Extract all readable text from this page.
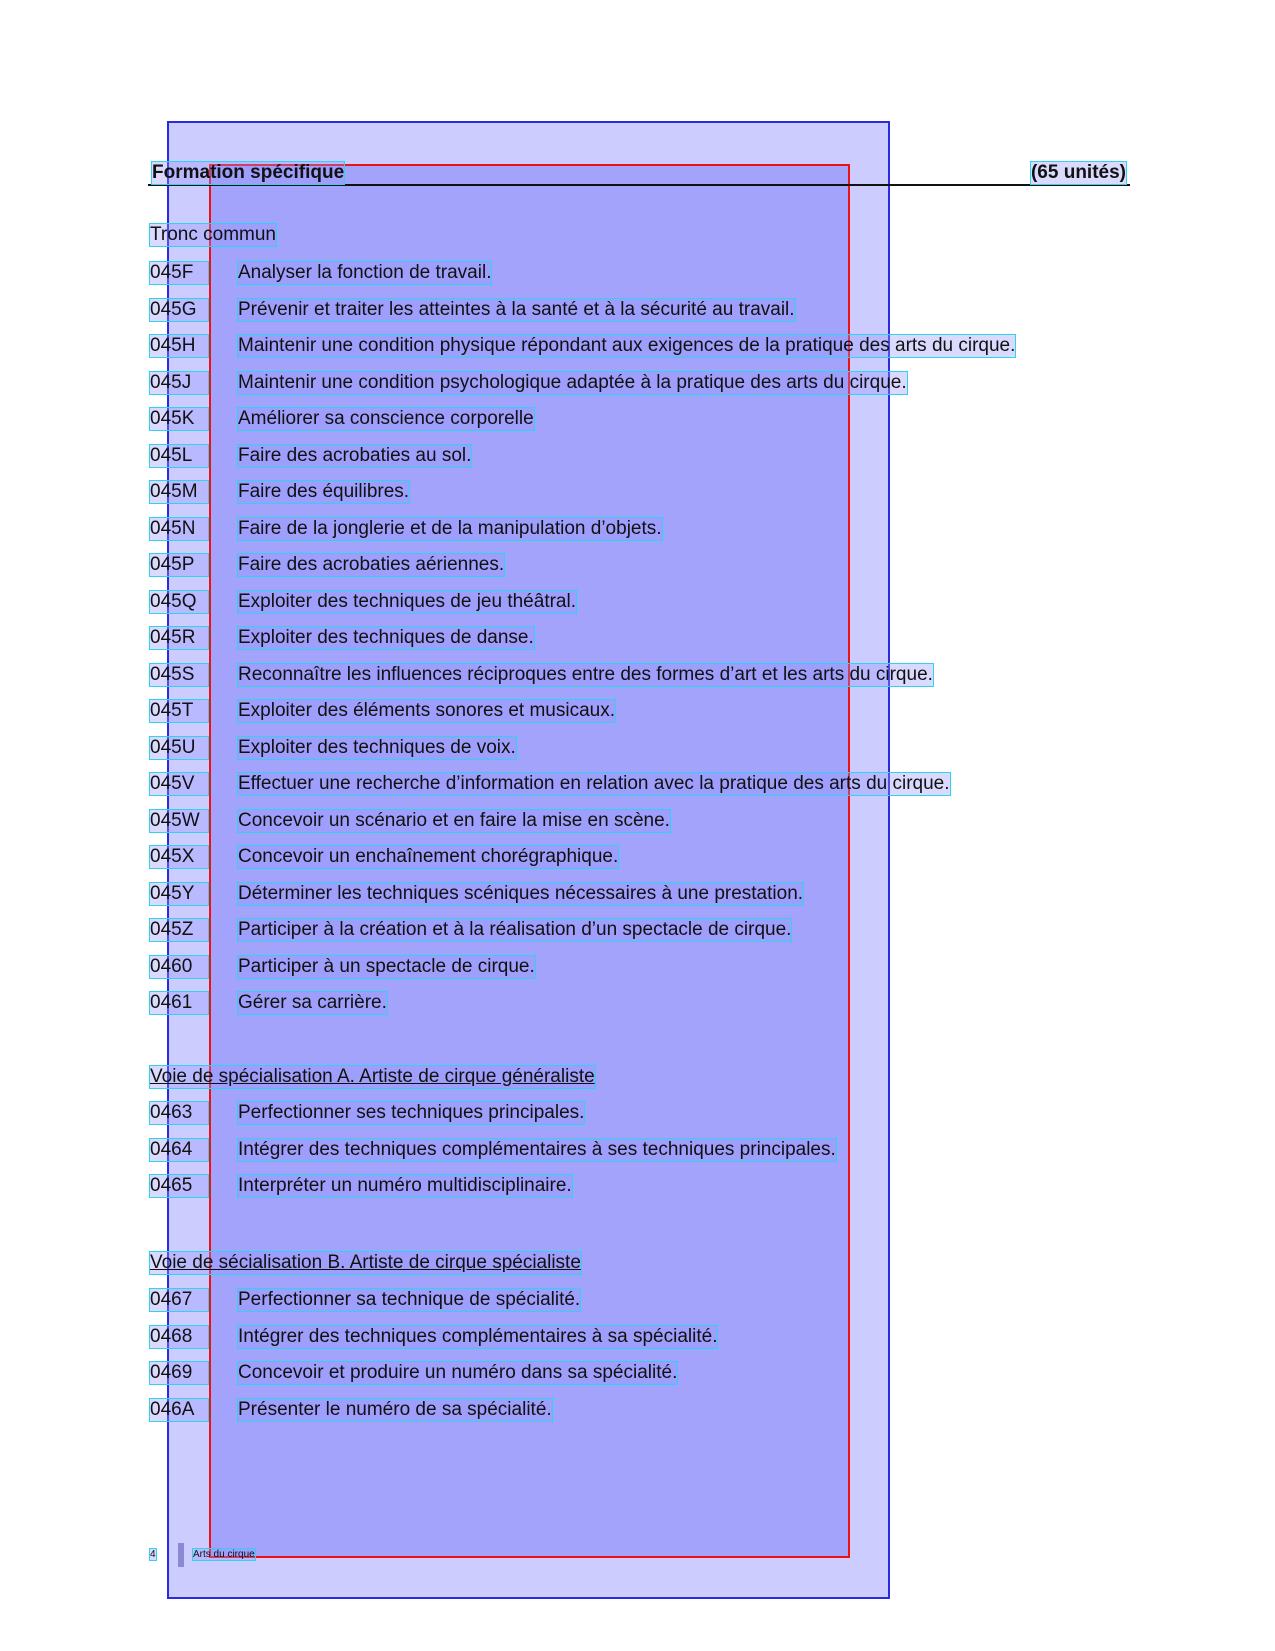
Formation spécifique	(65 unités)
Tronc commun
045F	Analyser la fonction de travail.
045G	Prévenir et traiter les atteintes à la santé et à la sécurité au travail.
045H	Maintenir une condition physique répondant aux exigences de la pratique des arts du cirque.
045J	Maintenir une condition psychologique adaptée à la pratique des arts du cirque.
045K	Améliorer sa conscience corporelle
045L	Faire des acrobaties au sol.
045M	Faire des équilibres.
045N	Faire de la jonglerie et de la manipulation d’objets.
045P	Faire des acrobaties aériennes.
045Q	Exploiter des techniques de jeu théâtral.
045R	Exploiter des techniques de danse.
045S	Reconnaître les influences réciproques entre des formes d’art et les arts du cirque.
045T	Exploiter des éléments sonores et musicaux.
045U	Exploiter des techniques de voix.
045V	Effectuer une recherche d’information en relation avec la pratique des arts du cirque.
045W	Concevoir un scénario et en faire la mise en scène.
045X	Concevoir un enchaînement chorégraphique.
045Y	Déterminer les techniques scéniques nécessaires à une prestation.
045Z	Participer à la création et à la réalisation d’un spectacle de cirque.
0460	Participer à un spectacle de cirque.
0461	Gérer sa carrière.
Voie de spécialisation A. Artiste de cirque généraliste
0463	Perfectionner ses techniques principales.
0464	Intégrer des techniques complémentaires à ses techniques principales.
0465	Interpréter un numéro multidisciplinaire.
Voie de sécialisation B. Artiste de cirque spécialiste
0467	Perfectionner sa technique de spécialité.
0468	Intégrer des techniques complémentaires à sa spécialité.
0469	Concevoir et produire un numéro dans sa spécialité.
046A	Présenter le numéro de sa spécialité.
4	Arts du cirque
